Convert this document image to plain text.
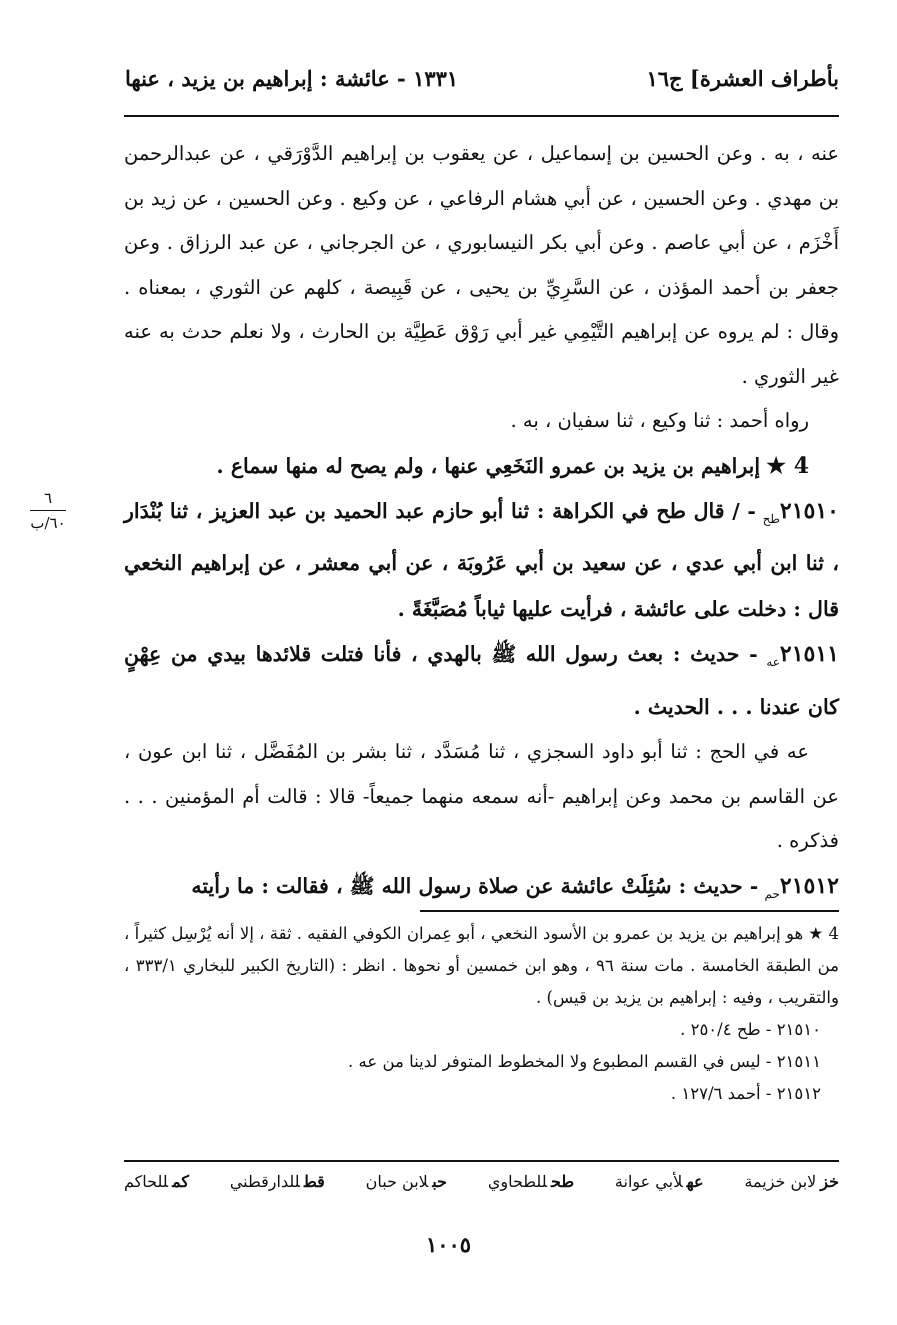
بأطراف العشرة] ج١٦
١٣٣١ - عائشة : إبراهيم بن يزيد ، عنها

عنه ، به . وعن الحسين بن إسماعيل ، عن يعقوب بن إبراهيم الدَّوْرَقي ، عن عبدالرحمن بن مهدي . وعن الحسين ، عن أبي هشام الرفاعي ، عن وكيع . وعن الحسين ، عن زيد بن أَخْزَم ، عن أبي عاصم . وعن أبي بكر النيسابوري ، عن الجرجاني ، عن عبد الرزاق . وعن جعفر بن أحمد المؤذن ، عن السَّرِيِّ بن يحيى ، عن قَبِيصة ، كلهم عن الثوري ، بمعناه . وقال : لم يروه عن إبراهيم التَّيْمِي غير أبي رَوْق عَطِيَّة بن الحارث ، ولا نعلم حدث به عنه غير الثوري .

رواه أحمد : ثنا وكيع ، ثنا سفيان ، به .

4 ★ إبراهيم بن يزيد بن عمرو النَخَعِي عنها ، ولم يصح له منها سماع .

$٢١٥١٠_{طح}$ - / قال طح في الكراهة : ثنا أبو حازم عبد الحميد بن عبد العزيز ، ثنا بُنْدَار ، ثنا ابن أبي عدي ، عن سعيد بن أبي عَرُوبَة ، عن أبي معشر ، عن إبراهيم النخعي قال : دخلت على عائشة ، فرأيت عليها ثياباً مُصَبَّغَةً .

$٢١٥١١_{عه}$ - حديث : بعث رسول الله ﷺ بالهدي ، فأنا فتلت قلائدها بيدي من عِهْنٍ كان عندنا . . . الحديث .

عه في الحج : ثنا أبو داود السجزي ، ثنا مُسَدَّد ، ثنا بشر بن المُفَضَّل ، ثنا ابن عون ، عن القاسم بن محمد وعن إبراهيم -أنه سمعه منهما جميعاً- قالا : قالت أم المؤمنين . . . فذكره .

$٢١٥١٢_{حم}$ - حديث : سُئِلَتْ عائشة عن صلاة رسول الله ﷺ ، فقالت : ما رأيته

٦
٦٠/ب

4 ★ هو إبراهيم بن يزيد بن عمرو بن الأسود النخعي ، أبو عِمران الكوفي الفقيه . ثقة ، إلا أنه يُرْسِل كثيراً ، من الطبقة الخامسة . مات سنة ٩٦ ، وهو ابن خمسين أو نحوها . انظر : (التاريخ الكبير للبخاري ٣٣٣/١ ، والتقريب ، وفيه : إبراهيم بن يزيد بن قيس) .

٢١٥١٠ - طح ٢٥٠/٤ .

٢١٥١١ - ليس في القسم المطبوع ولا المخطوط المتوفر لدينا من عه .

٢١٥١٢ - أحمد ١٢٧/٦ .

خزلابن خزيمة
عهلأبي عوانة
طحللطحاوي
حبلابن حبان
قطللدارقطني
كمللحاكم
١٠٠٥
